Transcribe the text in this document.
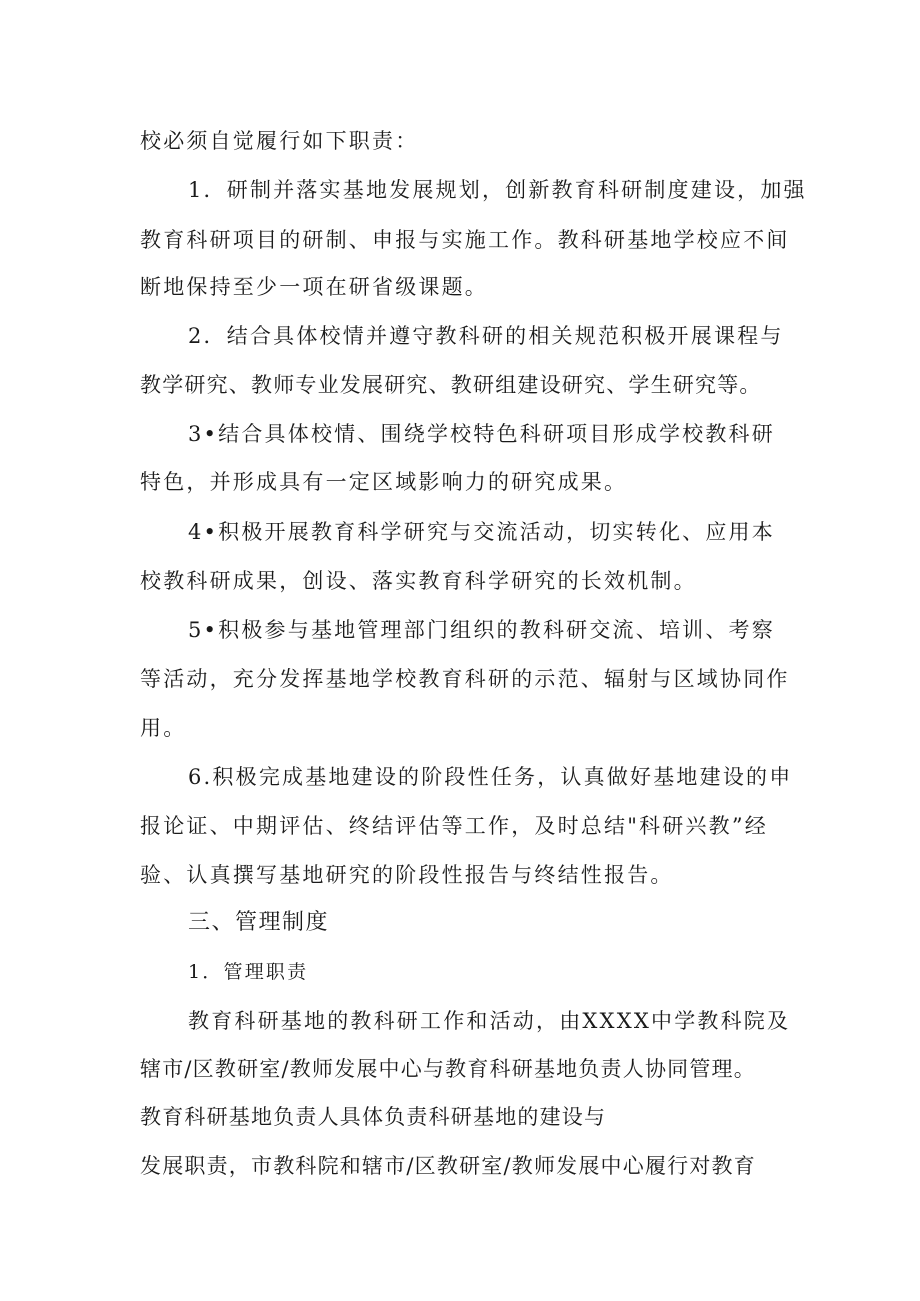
校必须自觉履行如下职责：
1．研制并落实基地发展规划，创新教育科研制度建设，加强
教育科研项目的研制、申报与实施工作。教科研基地学校应不间
断地保持至少一项在研省级课题。
2．结合具体校情并遵守教科研的相关规范积极开展课程与
教学研究、教师专业发展研究、教研组建设研究、学生研究等。
3•结合具体校情、围绕学校特色科研项目形成学校教科研
特色，并形成具有一定区域影响力的研究成果。
4•积极开展教育科学研究与交流活动，切实转化、应用本
校教科研成果，创设、落实教育科学研究的长效机制。
5•积极参与基地管理部门组织的教科研交流、培训、考察
等活动，充分发挥基地学校教育科研的示范、辐射与区域协同作
用。
6.积极完成基地建设的阶段性任务，认真做好基地建设的申
报论证、中期评估、终结评估等工作，及时总结"科研兴教”经
验、认真撰写基地研究的阶段性报告与终结性报告。
三、管理制度
1．管理职责
教育科研基地的教科研工作和活动，由XXXX中学教科院及
辖市/区教研室/教师发展中心与教育科研基地负责人协同管理。
教育科研基地负责人具体负责科研基地的建设与
发展职责，市教科院和辖市/区教研室/教师发展中心履行对教育
